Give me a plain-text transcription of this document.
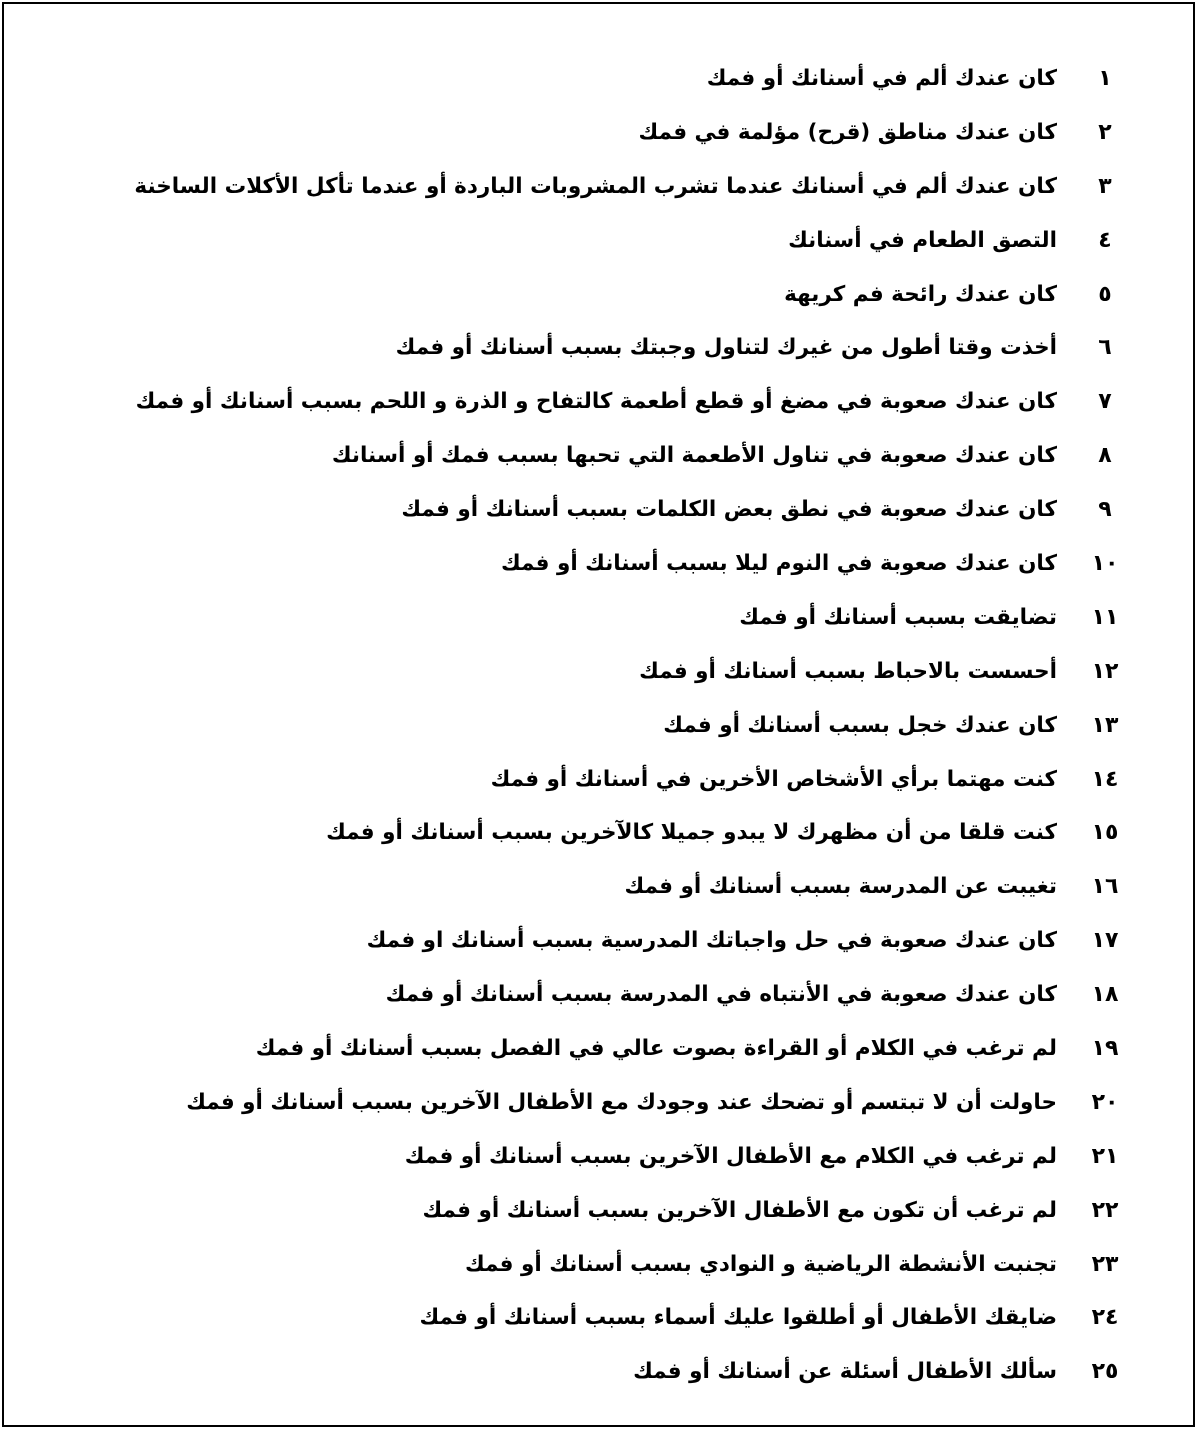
١
كان عندك ألم في أسنانك أو فمك
٢
كان عندك مناطق (قرح) مؤلمة في فمك
٣
كان عندك ألم في أسنانك عندما تشرب المشروبات الباردة أو عندما تأكل الأكلات الساخنة
٤
التصق الطعام في أسنانك
٥
كان عندك رائحة فم كريهة
٦
أخذت وقتا أطول من غيرك لتناول وجبتك بسبب أسنانك أو فمك
٧
كان عندك صعوبة في مضغ أو قطع أطعمة كالتفاح و الذرة و اللحم بسبب أسنانك أو فمك
٨
كان عندك صعوبة في تناول الأطعمة التي تحبها بسبب فمك أو أسنانك
٩
كان عندك صعوبة في نطق بعض الكلمات بسبب أسنانك أو فمك
١٠
كان عندك صعوبة في النوم ليلا بسبب أسنانك أو فمك
١١
تضايقت بسبب أسنانك أو فمك
١٢
أحسست بالاحباط بسبب أسنانك أو فمك
١٣
كان عندك خجل بسبب أسنانك أو فمك
١٤
كنت مهتما برأي الأشخاص الأخرين في أسنانك أو فمك
١٥
كنت قلقا من أن مظهرك لا يبدو جميلا كالآخرين بسبب أسنانك أو فمك
١٦
تغيبت عن المدرسة بسبب أسنانك أو فمك
١٧
كان عندك صعوبة في حل واجباتك المدرسية بسبب أسنانك او فمك
١٨
كان عندك صعوبة في الأنتباه في المدرسة بسبب أسنانك أو فمك
١٩
لم ترغب في الكلام أو القراءة بصوت عالي في الفصل بسبب أسنانك أو فمك
٢٠
حاولت أن لا تبتسم أو تضحك عند وجودك مع الأطفال الآخرين بسبب أسنانك أو فمك
٢١
لم ترغب في الكلام مع الأطفال الآخرين بسبب أسنانك أو فمك
٢٢
لم ترغب أن تكون مع الأطفال الآخرين بسبب أسنانك أو فمك
٢٣
تجنبت الأنشطة الرياضية و النوادي بسبب أسنانك أو فمك
٢٤
ضايقك الأطفال أو أطلقوا عليك أسماء بسبب أسنانك أو فمك
٢٥
سألك الأطفال أسئلة عن أسنانك أو فمك
